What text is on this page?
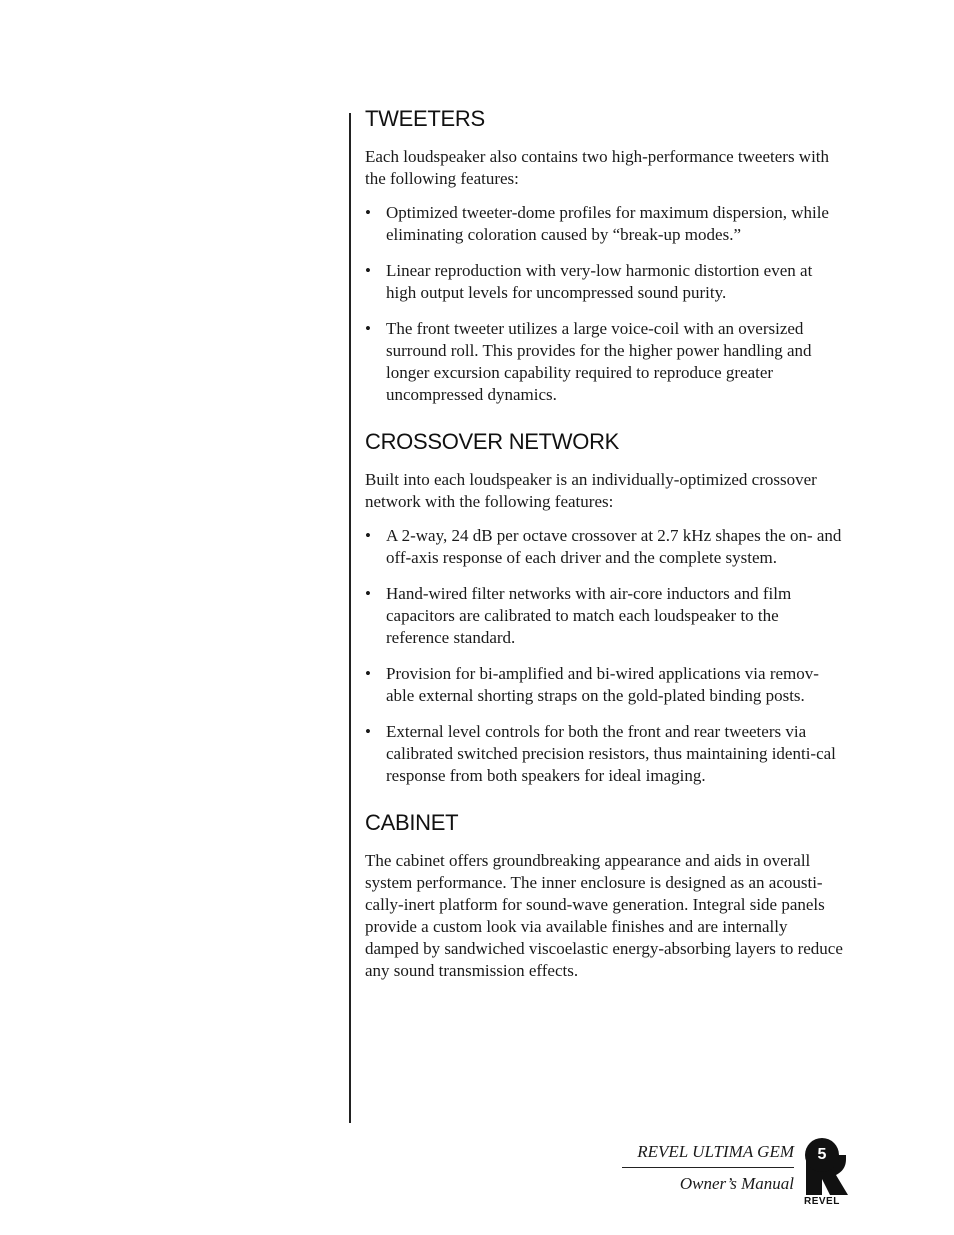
TWEETERS

Each loudspeaker also contains two high-performance tweeters with the following features:

• Optimized tweeter-dome profiles for maximum dispersion, while eliminating coloration caused by “break-up modes.”
• Linear reproduction with very-low harmonic distortion even at high output levels for uncompressed sound purity.
• The front tweeter utilizes a large voice-coil with an oversized surround roll. This provides for the higher power handling and longer excursion capability required to reproduce greater uncompressed dynamics.
CROSSOVER NETWORK

Built into each loudspeaker is an individually-optimized crossover network with the following features:

• A 2-way, 24 dB per octave crossover at 2.7 kHz shapes the on- and off-axis response of each driver and the complete system.
• Hand-wired filter networks with air-core inductors and film capacitors are calibrated to match each loudspeaker to the reference standard.
• Provision for bi-amplified and bi-wired applications via remov-able external shorting straps on the gold-plated binding posts.
• External level controls for both the front and rear tweeters via calibrated switched precision resistors, thus maintaining identi-cal response from both speakers for ideal imaging.
CABINET

The cabinet offers groundbreaking appearance and aids in overall system performance. The inner enclosure is designed as an acousti-cally-inert platform for sound-wave generation. Integral side panels provide a custom look via available finishes and are internally damped by sandwiched viscoelastic energy-absorbing layers to reduce any sound transmission effects.

REVEL ULTIMA GEM
Owner’s Manual
5
REVEL
